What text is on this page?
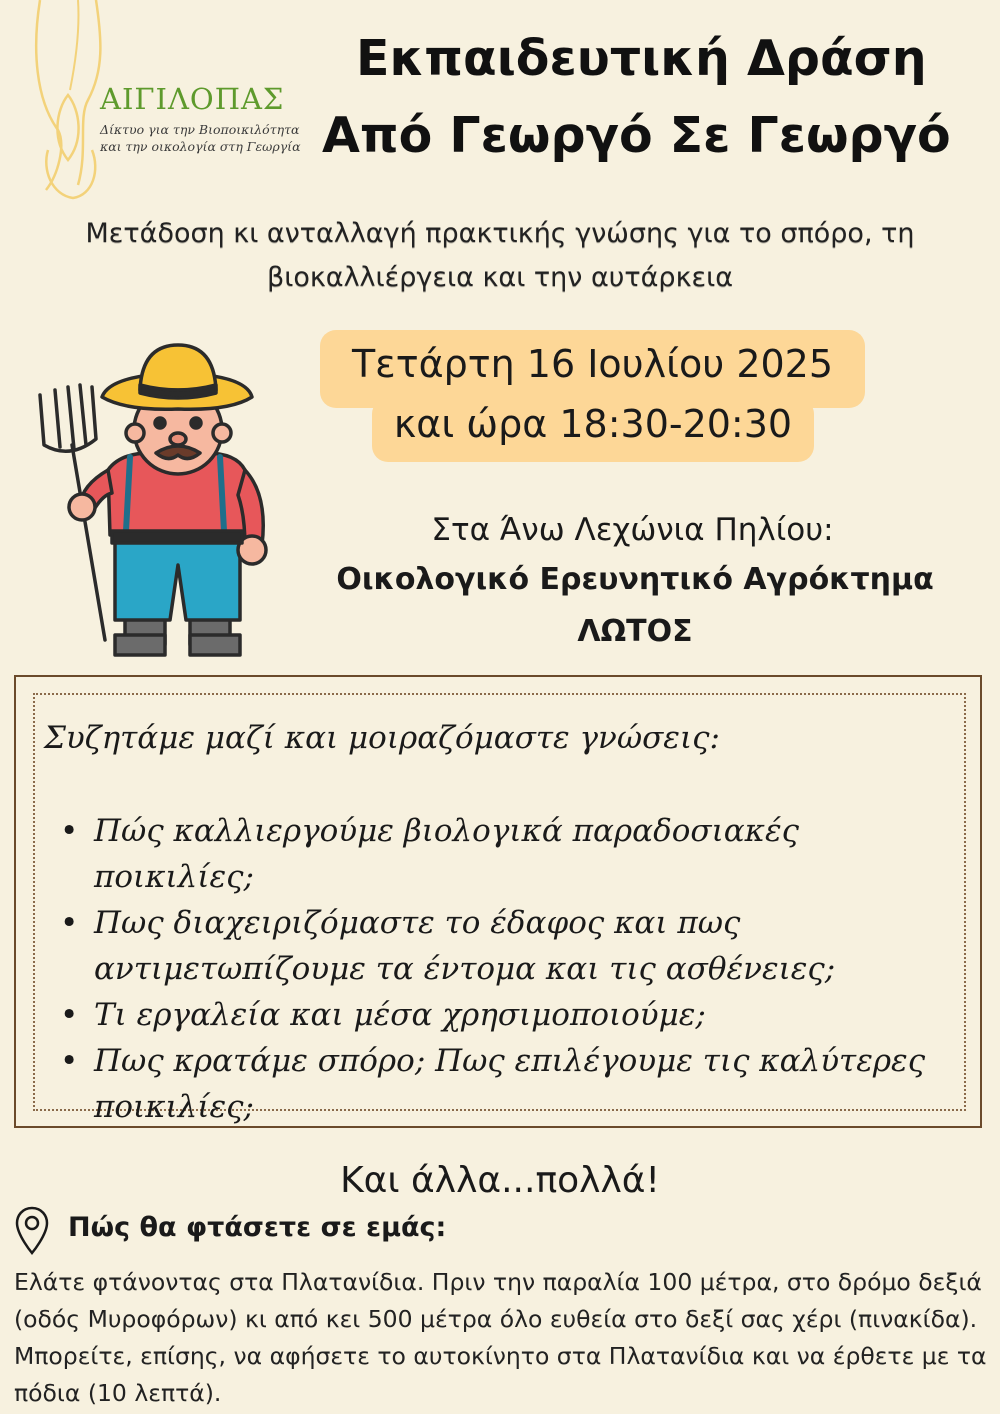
ΑΙΓΙΛΟΠΑΣ
Δίκτυο για την Βιοποικιλότητα
και την οικολογία στη Γεωργία
Εκπαιδευτική Δράση
Από Γεωργό Σε Γεωργό
Μετάδοση κι ανταλλαγή πρακτικής γνώσης για το σπόρο, τη βιοκαλλιέργεια και την αυτάρκεια
Τετάρτη 16 Ιουλίου 2025
και ώρα 18:30-20:30
Στα Άνω Λεχώνια Πηλίου:
Οικολογικό Ερευνητικό Αγρόκτημα
ΛΩΤΟΣ
Συζητάμε μαζί και μοιραζόμαστε γνώσεις:
• Πώς καλλιεργούμε βιολογικά παραδοσιακές ποικιλίες;
• Πως διαχειριζόμαστε το έδαφος και πως αντιμετωπίζουμε τα έντομα και τις ασθένειες;
• Τι εργαλεία και μέσα χρησιμοποιούμε;
• Πως κρατάμε σπόρο; Πως επιλέγουμε τις καλύτερες ποικιλίες;
Και άλλα...πολλά!
Πώς θα φτάσετε σε εμάς:
Ελάτε φτάνοντας στα Πλατανίδια. Πριν την παραλία 100 μέτρα, στο δρόμο δεξιά (οδός Μυροφόρων) κι από κει 500 μέτρα όλο ευθεία στο δεξί σας χέρι (πινακίδα). Μπορείτε, επίσης, να αφήσετε το αυτοκίνητο στα Πλατανίδια και να έρθετε με τα πόδια (10 λεπτά).
